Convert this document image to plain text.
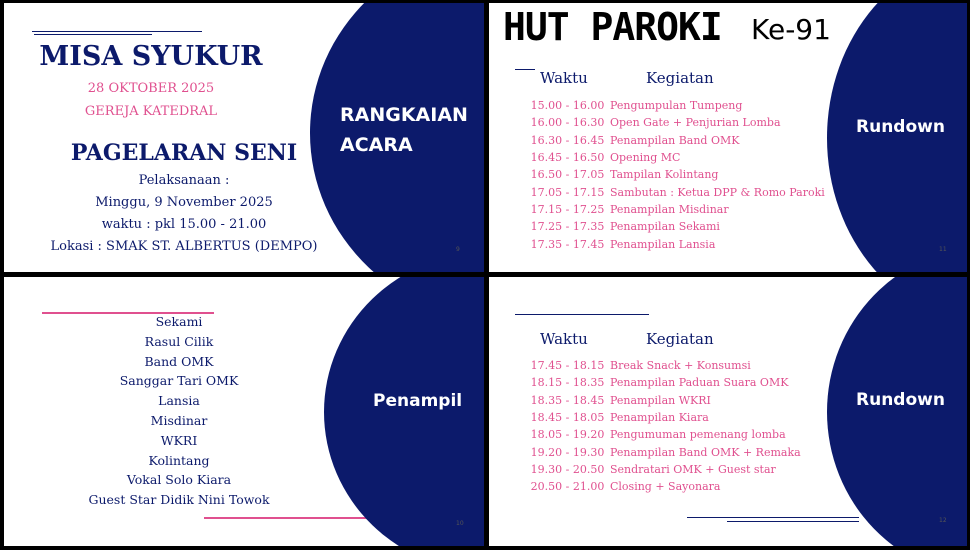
MISA SYUKUR
28 OKTOBER 2025
GEREJA KATEDRAL
PAGELARAN SENI
Pelaksanaan :
Minggu, 9 November 2025
waktu : pkl 15.00 - 21.00
Lokasi : SMAK ST. ALBERTUS (DEMPO)
RANGKAIAN
ACARA
9
HUT PAROKI Ke-91
Waktu	Kegiatan
15.00 - 16.00 Pengumpulan Tumpeng
16.00 - 16.30 Open Gate + Penjurian Lomba
16.30 - 16.45 Penampilan Band OMK
16.45 - 16.50 Opening MC
16.50 - 17.05 Tampilan Kolintang
17.05 - 17.15 Sambutan : Ketua DPP & Romo Paroki
17.15 - 17.25 Penampilan Misdinar
17.25 - 17.35 Penampilan Sekami
17.35 - 17.45 Penampilan Lansia
Rundown
11
Sekami
Rasul Cilik
Band OMK
Sanggar Tari OMK
Lansia
Misdinar
WKRI
Kolintang
Vokal Solo Kiara
Guest Star Didik Nini Towok
Penampil
10
Waktu	Kegiatan
17.45 - 18.15 Break Snack + Konsumsi
18.15 - 18.35 Penampilan Paduan Suara OMK
18.35 - 18.45 Penampilan WKRI
18.45 - 18.05 Penampilan Kiara
18.05 - 19.20 Pengumuman pemenang lomba
19.20 - 19.30 Penampilan Band OMK + Remaka
19.30 - 20.50 Sendratari OMK + Guest star
20.50 - 21.00 Closing + Sayonara
Rundown
12
